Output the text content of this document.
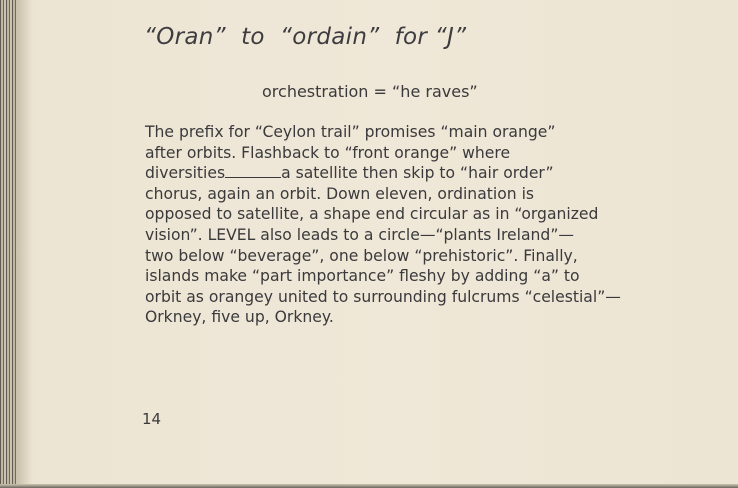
“Oran”  to  “ordain”  for “J”

orchestration = “he raves”

The prefix for “Ceylon trail” promises “main orange”
after orbits. Flashback to “front orange” where
diversities	a satellite then skip to “hair order”
chorus, again an orbit. Down eleven, ordination is
opposed to satellite, a shape end circular as in “organized
vision”. LEVEL also leads to a circle—“plants Ireland”—
two below “beverage”, one below “prehistoric”. Finally,
islands make “part importance” fleshy by adding “a” to
orbit as orangey united to surrounding fulcrums “celestial”—
Orkney, five up, Orkney.

14
